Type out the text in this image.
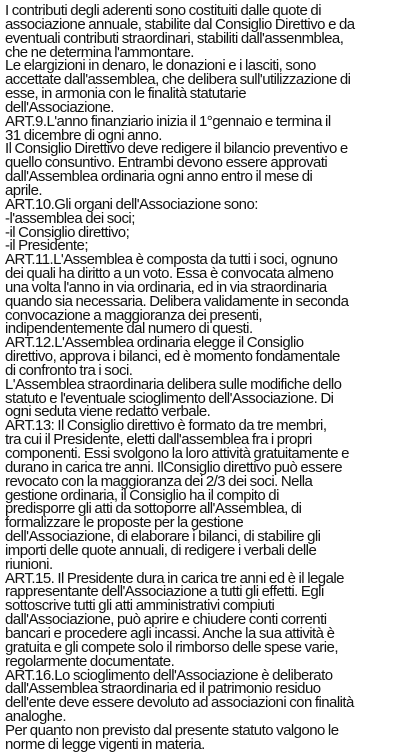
I contributi degli aderenti sono costituiti dalle quote di
associazione annuale, stabilite dal Consiglio Direttivo e da
eventuali contributi straordinari, stabiliti dall'assenmblea,
che ne determina l'ammontare.
Le elargizioni in denaro, le donazioni e i lasciti, sono
accettate dall'assemblea, che delibera sull'utilizzazione di
esse, in armonia con le finalità statutarie
dell'Associazione.
ART.9.L'anno finanziario inizia il 1°gennaio e termina il
31 dicembre di ogni anno.
Il Consiglio Direttivo deve redigere il bilancio preventivo e
quello consuntivo. Entrambi devono essere approvati
dall'Assemblea ordinaria ogni anno entro il mese di
aprile.
ART.10.Gli organi dell'Associazione sono:
-l'assemblea dei soci;
-il Consiglio direttivo;
-il Presidente;
ART.11.L'Assemblea è composta da tutti i soci, ognuno
dei quali ha diritto a un voto. Essa è convocata almeno
una volta l'anno in via ordinaria, ed in via straordinaria
quando sia necessaria. Delibera validamente in seconda
convocazione a maggioranza dei presenti,
indipendentemente dal numero di questi.
ART.12.L'Assemblea ordinaria elegge il Consiglio
direttivo, approva i bilanci, ed è momento fondamentale
di confronto tra i soci.
L'Assemblea straordinaria delibera sulle modifiche dello
statuto e l'eventuale scioglimento dell'Associazione. Di
ogni seduta viene redatto verbale.
ART.13: Il Consiglio direttivo è formato da tre membri,
tra cui il Presidente, eletti dall'assemblea fra i propri
componenti. Essi svolgono la loro attività gratuitamente e
durano in carica tre anni. IlConsiglio direttivo può essere
revocato con la maggioranza dei 2/3 dei soci. Nella
gestione ordinaria, il Consiglio ha il compito di
predisporre gli atti da sottoporre all'Assemblea, di
formalizzare le proposte per la gestione
dell'Associazione, di elaborare i bilanci, di stabilire gli
importi delle quote annuali, di redigere i verbali delle
riunioni.
ART.15. Il Presidente dura in carica tre anni ed è il legale
rappresentante dell'Associazione a tutti gli effetti. Egli
sottoscrive tutti gli atti amministrativi compiuti
dall'Associazione, può aprire e chiudere conti correnti
bancari e procedere agli incassi. Anche la sua attività è
gratuita e gli compete solo il rimborso delle spese varie,
regolarmente documentate.
ART.16.Lo scioglimento dell'Associazione è deliberato
dall'Assemblea straordinaria ed il patrimonio residuo
dell'ente deve essere devoluto ad associazioni con finalità
analoghe.
Per quanto non previsto dal presente statuto valgono le
norme di legge vigenti in materia.
